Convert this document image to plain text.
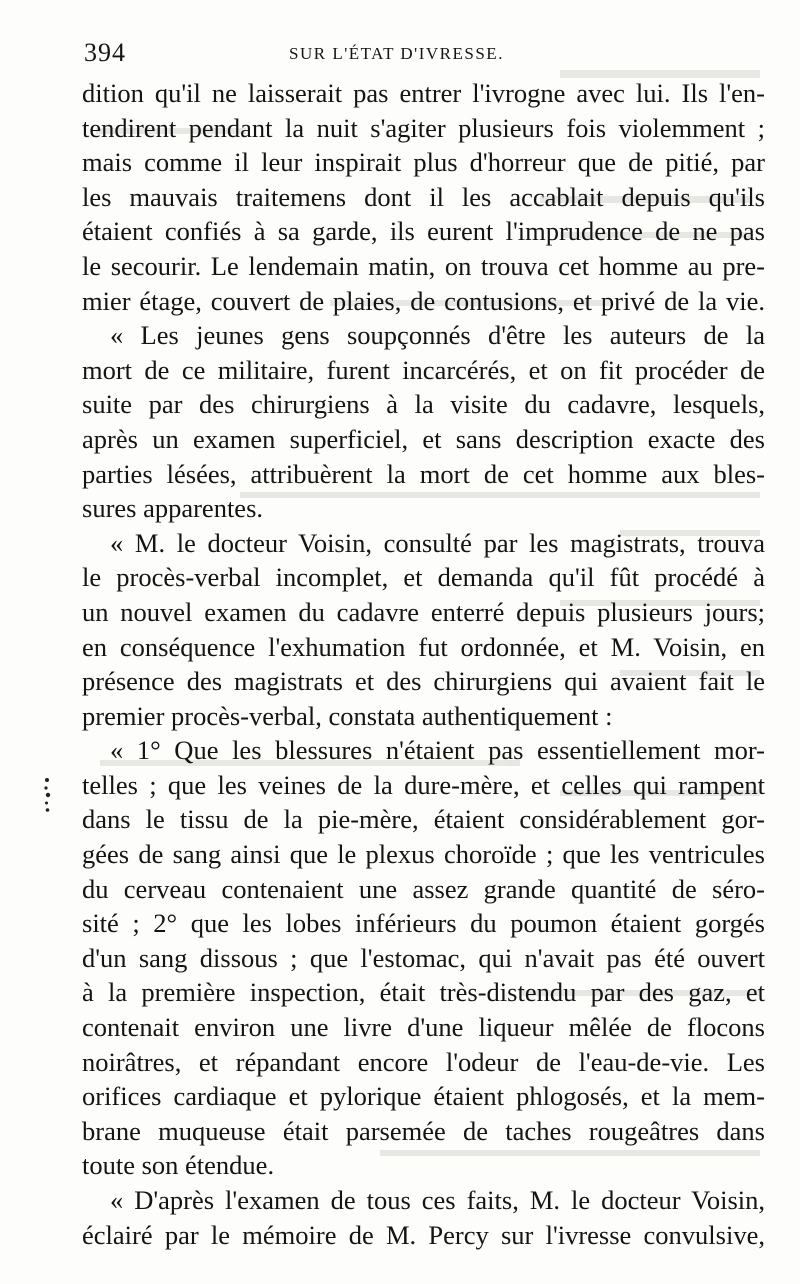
394	SUR L'ÉTAT D'IVRESSE.
dition qu'il ne laisserait pas entrer l'ivrogne avec lui. Ils l'en-
tendirent pendant la nuit s'agiter plusieurs fois violemment ;
mais comme il leur inspirait plus d'horreur que de pitié, par
les mauvais traitemens dont il les accablait depuis qu'ils
étaient confiés à sa garde, ils eurent l'imprudence de ne pas
le secourir. Le lendemain matin, on trouva cet homme au pre-
mier étage, couvert de plaies, de contusions, et privé de la vie.
« Les jeunes gens soupçonnés d'être les auteurs de la
mort de ce militaire, furent incarcérés, et on fit procéder de
suite par des chirurgiens à la visite du cadavre, lesquels,
après un examen superficiel, et sans description exacte des
parties lésées, attribuèrent la mort de cet homme aux bles-
sures apparentes.
« M. le docteur Voisin, consulté par les magistrats, trouva
le procès-verbal incomplet, et demanda qu'il fût procédé à
un nouvel examen du cadavre enterré depuis plusieurs jours;
en conséquence l'exhumation fut ordonnée, et M. Voisin, en
présence des magistrats et des chirurgiens qui avaient fait le
premier procès-verbal, constata authentiquement :
« 1° Que les blessures n'étaient pas essentiellement mor-
telles ; que les veines de la dure-mère, et celles qui rampent
dans le tissu de la pie-mère, étaient considérablement gor-
gées de sang ainsi que le plexus choroïde ; que les ventricules
du cerveau contenaient une assez grande quantité de séro-
sité ; 2° que les lobes inférieurs du poumon étaient gorgés
d'un sang dissous ; que l'estomac, qui n'avait pas été ouvert
à la première inspection, était très-distendu par des gaz, et
contenait environ une livre d'une liqueur mêlée de flocons
noirâtres, et répandant encore l'odeur de l'eau-de-vie. Les
orifices cardiaque et pylorique étaient phlogosés, et la mem-
brane muqueuse était parsemée de taches rougeâtres dans
toute son étendue.
« D'après l'examen de tous ces faits, M. le docteur Voisin,
éclairé par le mémoire de M. Percy sur l'ivresse convulsive,
